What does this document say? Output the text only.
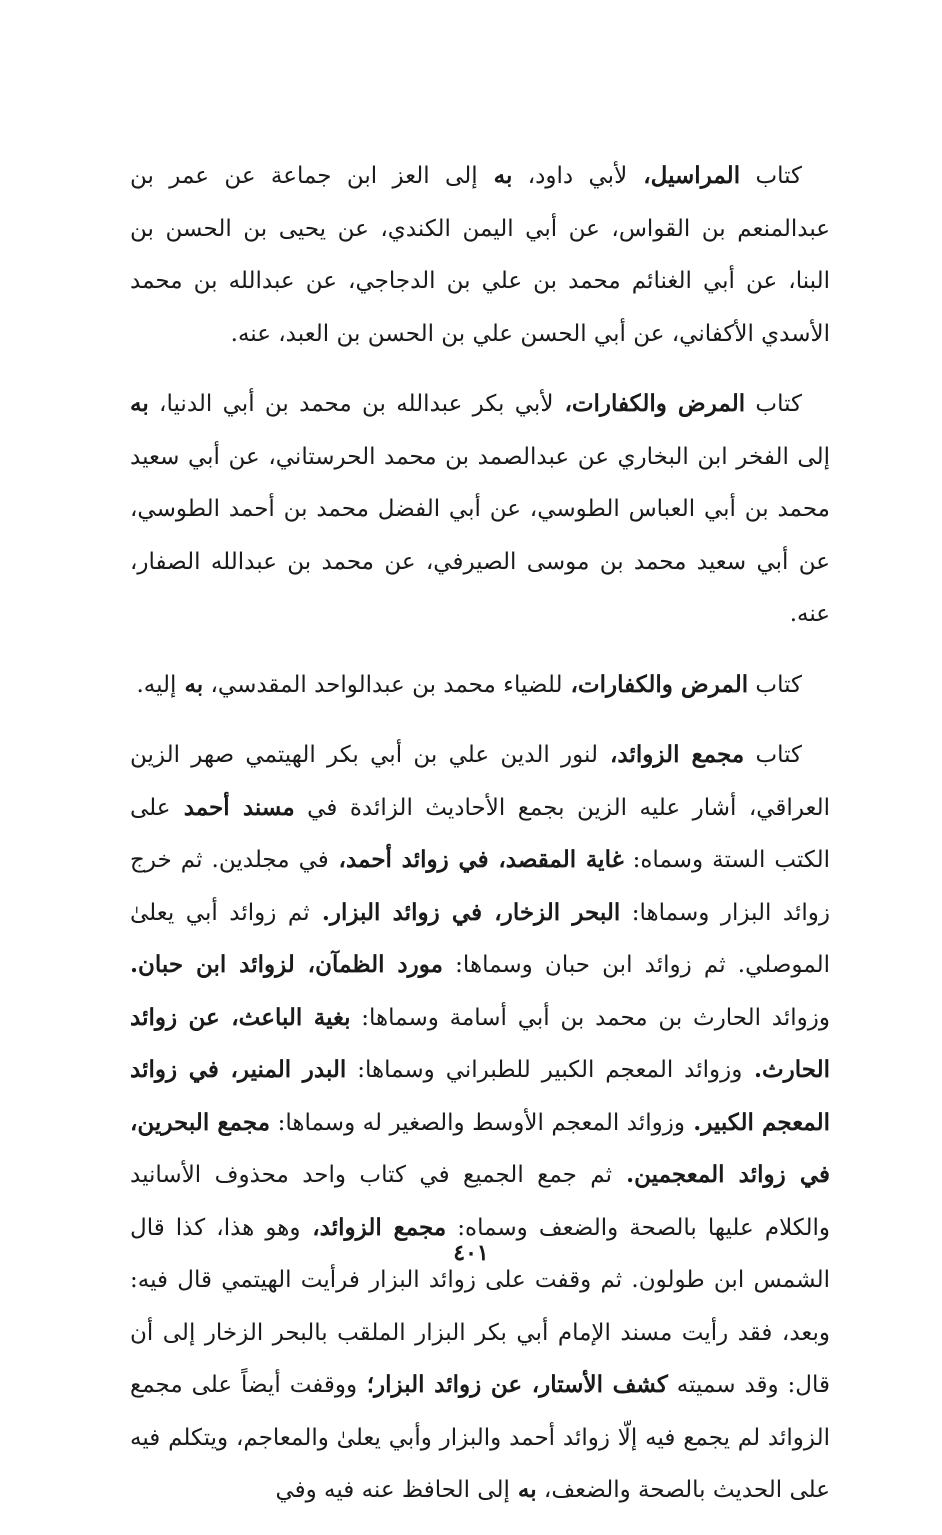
كتاب المراسيل، لأبي داود، به إلى العز ابن جماعة عن عمر بن عبدالمنعم بن القواس، عن أبي اليمن الكندي، عن يحيى بن الحسن بن البنا، عن أبي الغنائم محمد بن علي بن الدجاجي، عن عبدالله بن محمد الأسدي الأكفاني، عن أبي الحسن علي بن الحسن بن العبد، عنه.

كتاب المرض والكفارات، لأبي بكر عبدالله بن محمد بن أبي الدنيا، به إلى الفخر ابن البخاري عن عبدالصمد بن محمد الحرستاني، عن أبي سعيد محمد بن أبي العباس الطوسي، عن أبي الفضل محمد بن أحمد الطوسي، عن أبي سعيد محمد بن موسى الصيرفي، عن محمد بن عبدالله الصفار، عنه.

كتاب المرض والكفارات، للضياء محمد بن عبدالواحد المقدسي، به إليه.

كتاب مجمع الزوائد، لنور الدين علي بن أبي بكر الهيتمي صهر الزين العراقي، أشار عليه الزين بجمع الأحاديث الزائدة في مسند أحمد على الكتب الستة وسماه: غاية المقصد، في زوائد أحمد، في مجلدين. ثم خرج زوائد البزار وسماها: البحر الزخار، في زوائد البزار. ثم زوائد أبي يعلىٰ الموصلي. ثم زوائد ابن حبان وسماها: مورد الظمآن، لزوائد ابن حبان. وزوائد الحارث بن محمد بن أبي أسامة وسماها: بغية الباعث، عن زوائد الحارث. وزوائد المعجم الكبير للطبراني وسماها: البدر المنير، في زوائد المعجم الكبير. وزوائد المعجم الأوسط والصغير له وسماها: مجمع البحرين، في زوائد المعجمين. ثم جمع الجميع في كتاب واحد محذوف الأسانيد والكلام عليها بالصحة والضعف وسماه: مجمع الزوائد، وهو هذا، كذا قال الشمس ابن طولون. ثم وقفت على زوائد البزار فرأيت الهيتمي قال فيه: وبعد، فقد رأيت مسند الإمام أبي بكر البزار الملقب بالبحر الزخار إلى أن قال: وقد سميته كشف الأستار، عن زوائد البزار؛ ووقفت أيضاً على مجمع الزوائد لم يجمع فيه إلّا زوائد أحمد والبزار وأبي يعلىٰ والمعاجم، ويتكلم فيه على الحديث بالصحة والضعف، به إلى الحافظ عنه فيه وفي

٤٠١
